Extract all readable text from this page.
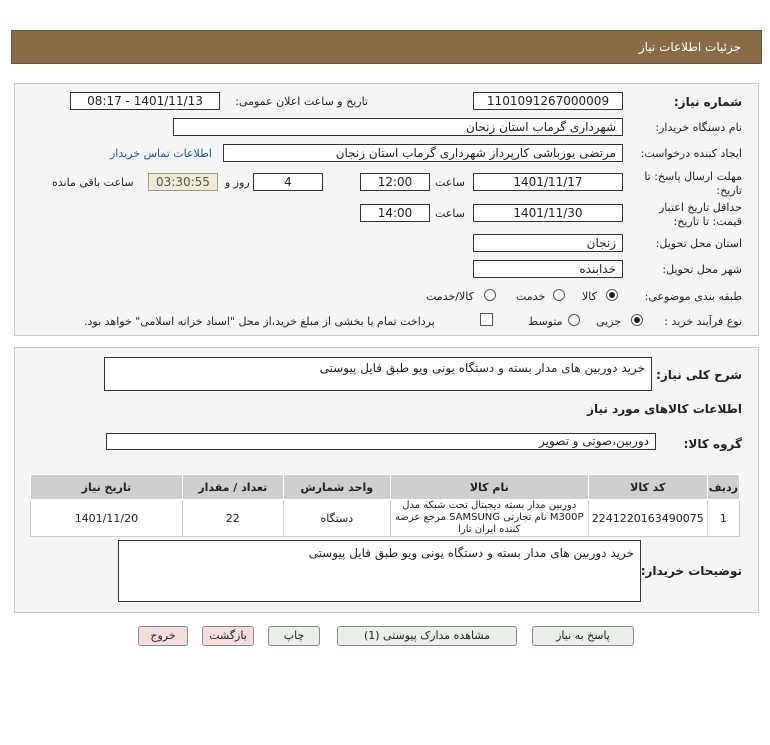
جزئیات اطلاعات نیاز
شماره نیاز:
1101091267000009
تاریخ و ساعت اعلان عمومی:
1401/11/13 - 08:17
نام دستگاه خریدار:
شهرداری گرماب استان زنجان
ایجاد کننده درخواست:
مرتضی یوزباشی کارپرداز شهرداری گرماب استان زنجان
اطلاعات تماس خریدار
مهلت ارسال پاسخ: تا
تاریخ:
1401/11/17
ساعت
12:00
4
روز و
03:30:55
ساعت باقی مانده
حداقل تاریخ اعتبار
قیمت: تا تاریخ:
1401/11/30
ساعت
14:00
استان محل تحویل:
زنجان
شهر محل تحویل:
خدابنده
طبقه بندی موضوعی:
کالا
خدمت
کالا/خدمت
نوع فرآیند خرید :
جزیی
متوسط
پرداخت تمام یا بخشی از مبلغ خرید،از محل "اسناد خزانه اسلامی" خواهد بود.
شرح کلی نیاز:
خرید دوربین های مدار بسته و دستگاه یونی ویو طبق فایل پیوستی
اطلاعات کالاهای مورد نیاز
گروه کالا:
دوربین،صوتی و تصویر
ردیف	کد کالا	نام کالا	واحد شمارش	تعداد / مقدار	تاریخ نیاز
1	2241220163490075	دوربین مدار بسته دیجیتال تحت شبکه مدل M300P نام تجارتی SAMSUNG مرجع عرضه کننده ایران تارا	دستگاه	22	1401/11/20
توضیحات خریدار:
خرید دوربین های مدار بسته و دستگاه یونی ویو طبق فایل پیوستی
پاسخ به نیاز
مشاهده مدارک پیوستی (1)
چاپ
بازگشت
خروج
